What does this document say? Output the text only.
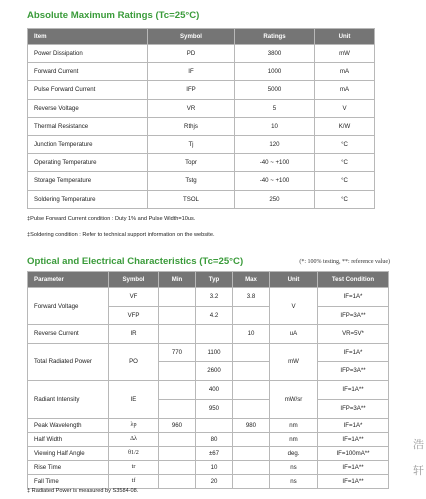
Absolute Maximum Ratings (Tc=25°C)
Item	Symbol	Ratings	Unit
Power Dissipation	PD	3800	mW
Forward Current	IF	1000	mA
Pulse Forward Current	IFP	5000	mA
Reverse Voltage	VR	5	V
Thermal Resistance	Rthjs	10	K/W
Junction Temperature	Tj	120	°C
Operating Temperature	Topr	-40 ~ +100	°C
Storage Temperature	Tstg	-40 ~ +100	°C
Soldering Temperature	TSOL	250	°C
‡Pulse Forward Current condition : Duty 1% and Pulse Width=10us.
‡Soldering condition : Refer to technical support information on the website.
Optical and Electrical Characteristics (Tc=25°C)	(*: 100% testing, **: reference value)
Parameter	Symbol	Min	Typ	Max	Unit	Test Condition
Forward Voltage	VF		3.2	3.8	V	IF=1A*
	VFP		4.2			IFP=3A**
Reverse Current	IR			10	uA	VR=5V*
Total Radiated Power	PO	770	1100		mW	IF=1A*
			2600			IFP=3A**
Radiant Intensity	IE		400		mW/sr	IF=1A**
			950			IFP=3A**
Peak Wavelength	λp	960		980	nm	IF=1A*
Half Width	Δλ		80		nm	IF=1A**
Viewing Half Angle	θ1/2		±67		deg.	IF=100mA**
Rise Time	tr		10		ns	IF=1A**
Fall Time	tf		20		ns	IF=1A**
‡ Radiated Power is measured by S3584-08.
浩
轩
